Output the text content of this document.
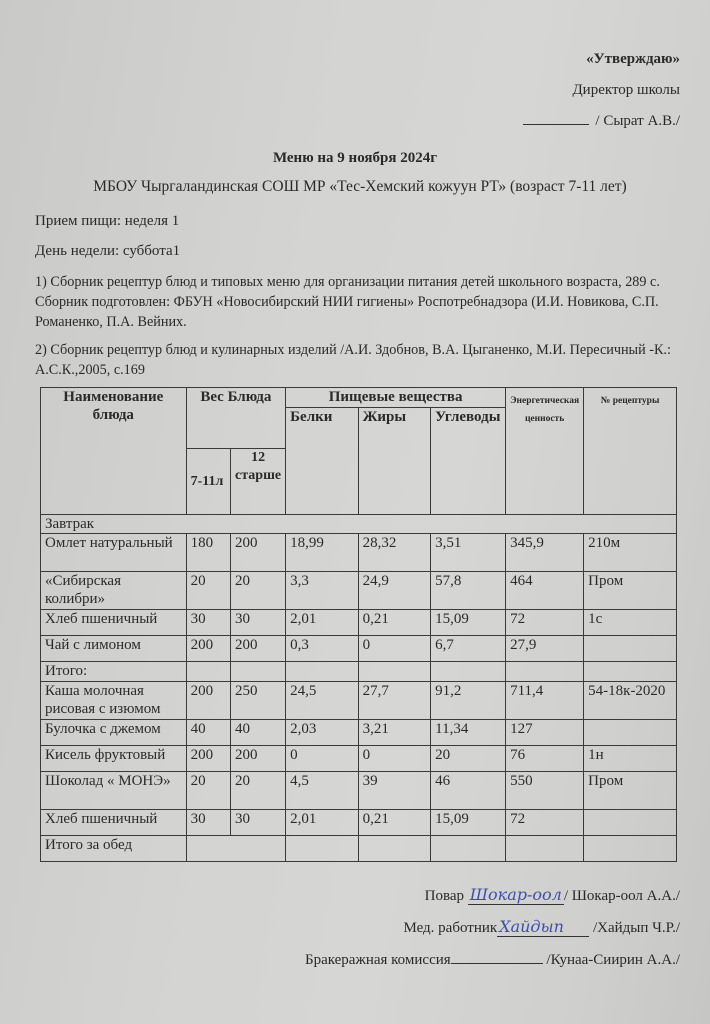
«Утверждаю»
Директор школы
/ Сырат А.В./
Меню на 9 ноября 2024г
МБОУ Чыргаландинская СОШ МР «Тес-Хемский кожуун РТ» (возраст 7-11 лет)
Прием пищи: неделя 1
День недели: суббота1
1) Сборник рецептур блюд и типовых меню для организации питания детей школьного возраста, 289 с. Сборник подготовлен: ФБУН «Новосибирский НИИ гигиены» Роспотребнадзора (И.И. Новикова, С.П. Романенко, П.А. Вейних.
2) Сборник рецептур блюд и кулинарных изделий /А.И. Здобнов, В.А. Цыганенко, М.И. Пересичный -К.: А.С.К.,2005, с.169
Наименование блюда	Вес Блюда		Пищевые вещества			Энергетическая ценность	№ рецептуры
			Белки	Жиры	Углеводы		
	7-11л	12 старше					
Завтрак							
Омлет натуральный	180	200	18,99	28,32	3,51	345,9	210м
«Сибирская колибри»	20	20	3,3	24,9	57,8	464	Пром
Хлеб пшеничный	30	30	2,01	0,21	15,09	72	1с
Чай с лимоном	200	200	0,3	0	6,7	27,9	
Итого:							
Каша молочная рисовая с изюмом	200	250	24,5	27,7	91,2	711,4	54-18к-2020
Булочка с джемом	40	40	2,03	3,21	11,34	127	
Кисель фруктовый	200	200	0	0	20	76	1н
Шоколад « МОНЭ»	20	20	4,5	39	46	550	Пром
Хлеб пшеничный	30	30	2,01	0,21	15,09	72	
Итого за обед							
Повар Шокар-оол / Шокар-оол А.А./
Мед. работник Хайдып /Хайдып Ч.Р./
Бракеражная комиссия	/Кунаа-Сиирин А.А./
